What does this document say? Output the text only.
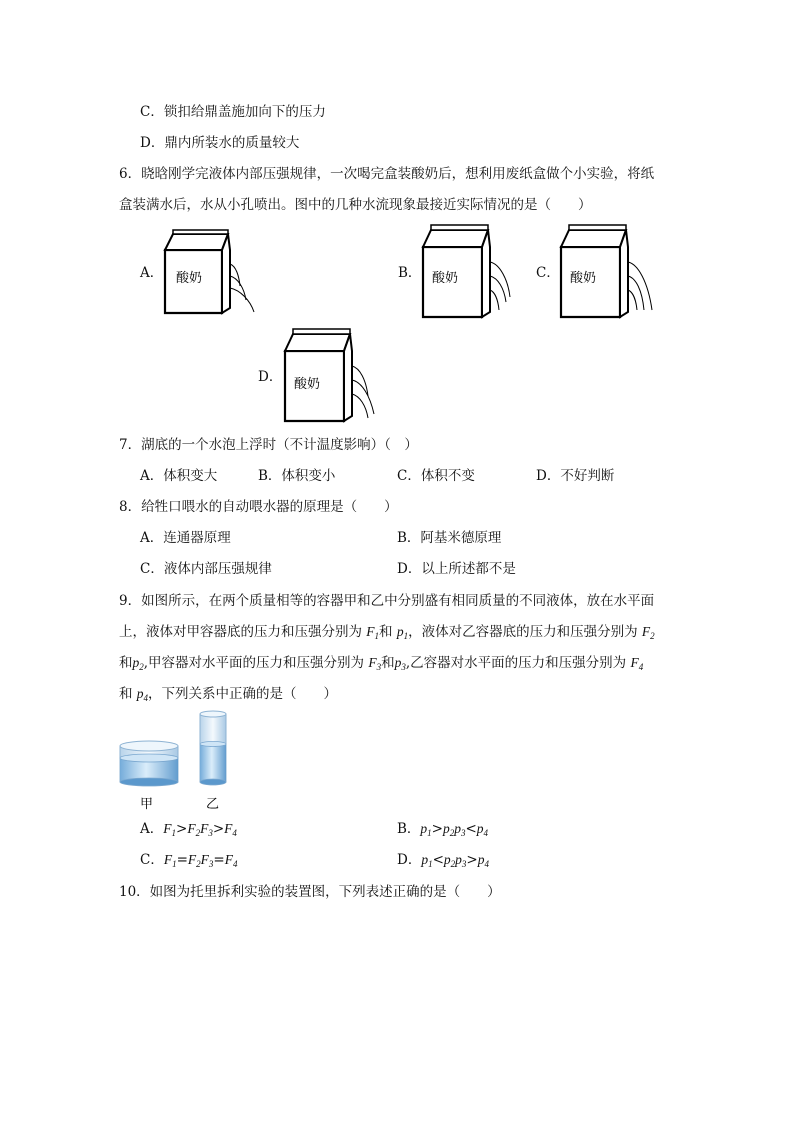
C．锁扣给鼎盖施加向下的压力
D．鼎内所装水的质量较大
6．晓晗刚学完液体内部压强规律，一次喝完盒装酸奶后，想利用废纸盒做个小实验，将纸
盒装满水后，水从小孔喷出。图中的几种水流现象最接近实际情况的是（　　）
A． 酸奶	B． 酸奶	C． 酸奶
D． 酸奶
7．湖底的一个水泡上浮时（不计温度影响）（　）
A．体积变大	B．体积变小	C．体积不变	D．不好判断
8．给牲口喂水的自动喂水器的原理是（　　）
A．连通器原理	B．阿基米德原理
C．液体内部压强规律	D．以上所述都不是
9．如图所示，在两个质量相等的容器甲和乙中分别盛有相同质量的不同液体，放在水平面
上，液体对甲容器底的压力和压强分别为 $F_1$和 $p_1$，液体对乙容器底的压力和压强分别为 $F_2$
和$p_2$,甲容器对水平面的压力和压强分别为 $F_3$和$p_3$,乙容器对水平面的压力和压强分别为 $F_4$
和 $p_4$，下列关系中正确的是（　　）
甲	乙
A．$F_1>F_2F_3>F_4$	B．$p_1>p_2p_3<p_4$
C．$F_1=F_2F_3=F_4$	D．$p_1<p_2p_3>p_4$
10．如图为托里拆利实验的装置图，下列表述正确的是（　　）
